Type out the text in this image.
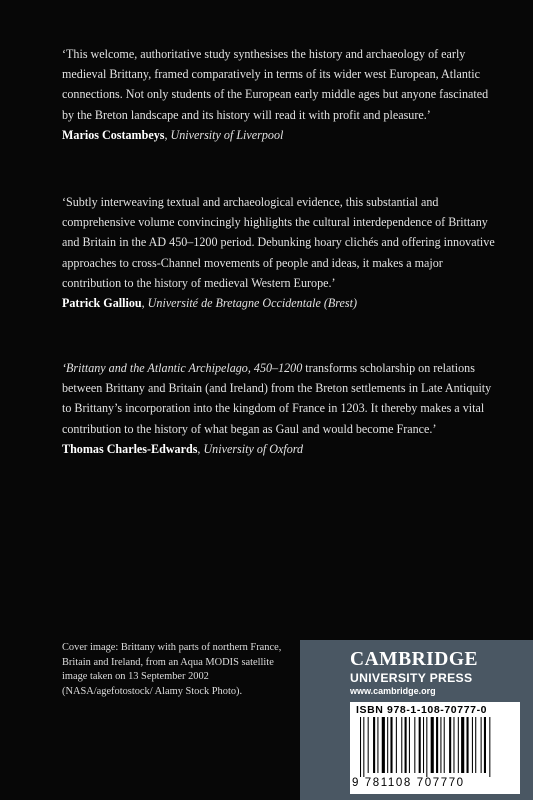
‘This welcome, authoritative study synthesises the history and archaeology of early medieval Brittany, framed comparatively in terms of its wider west European, Atlantic connections. Not only students of the European early middle ages but anyone fascinated by the Breton landscape and its history will read it with profit and pleasure.’

Marios Costambeys, University of Liverpool

‘Subtly interweaving textual and archaeological evidence, this substantial and comprehensive volume convincingly highlights the cultural interdependence of Brittany and Britain in the AD 450–1200 period. Debunking hoary clichés and offering innovative approaches to cross-Channel movements of people and ideas, it makes a major contribution to the history of medieval Western Europe.’

Patrick Galliou, Université de Bretagne Occidentale (Brest)

‘Brittany and the Atlantic Archipelago, 450–1200 transforms scholarship on relations between Brittany and Britain (and Ireland) from the Breton settlements in Late Antiquity to Brittany’s incorporation into the kingdom of France in 1203. It thereby makes a vital contribution to the history of what began as Gaul and would become France.’

Thomas Charles-Edwards, University of Oxford

Cover image: Brittany with parts of northern France, Britain and Ireland, from an Aqua MODIS satellite image taken on 13 September 2002 (NASA/agefotostock/ Alamy Stock Photo).
CAMBRIDGE
UNIVERSITY PRESS
www.cambridge.org
ISBN 978-1-108-70777-0
9 781108 707770
